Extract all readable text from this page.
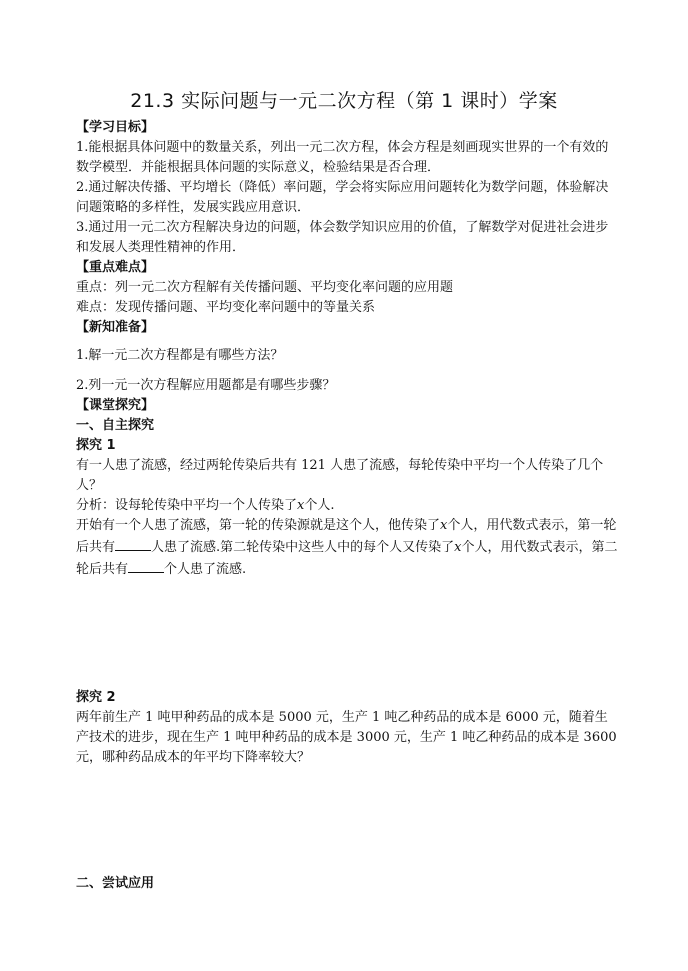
21.3 实际问题与一元二次方程（第 1 课时）学案
【学习目标】
1.能根据具体问题中的数量关系，列出一元二次方程，体会方程是刻画现实世界的一个有效的数学模型．并能根据具体问题的实际意义，检验结果是否合理．
2.通过解决传播、平均增长（降低）率问题，学会将实际应用问题转化为数学问题，体验解决问题策略的多样性，发展实践应用意识．
3.通过用一元二次方程解决身边的问题，体会数学知识应用的价值，了解数学对促进社会进步和发展人类理性精神的作用．
【重点难点】
重点：列一元二次方程解有关传播问题、平均变化率问题的应用题
难点：发现传播问题、平均变化率问题中的等量关系
【新知准备】
1.解一元二次方程都是有哪些方法？
2.列一元一次方程解应用题都是有哪些步骤？
【课堂探究】
一、自主探究
探究 1
有一人患了流感，经过两轮传染后共有 121 人患了流感，每轮传染中平均一个人传染了几个人？
分析：设每轮传染中平均一个人传染了x个人.
开始有一个人患了流感，第一轮的传染源就是这个人，他传染了x个人，用代数式表示，第一轮后共有	人患了流感.第二轮传染中这些人中的每个人又传染了x个人，用代数式表示，第二轮后共有	个人患了流感.
探究 2
两年前生产 1 吨甲种药品的成本是 5000 元，生产 1 吨乙种药品的成本是 6000 元，随着生产技术的进步，现在生产 1 吨甲种药品的成本是 3000 元，生产 1 吨乙种药品的成本是 3600 元，哪种药品成本的年平均下降率较大？
二、尝试应用
